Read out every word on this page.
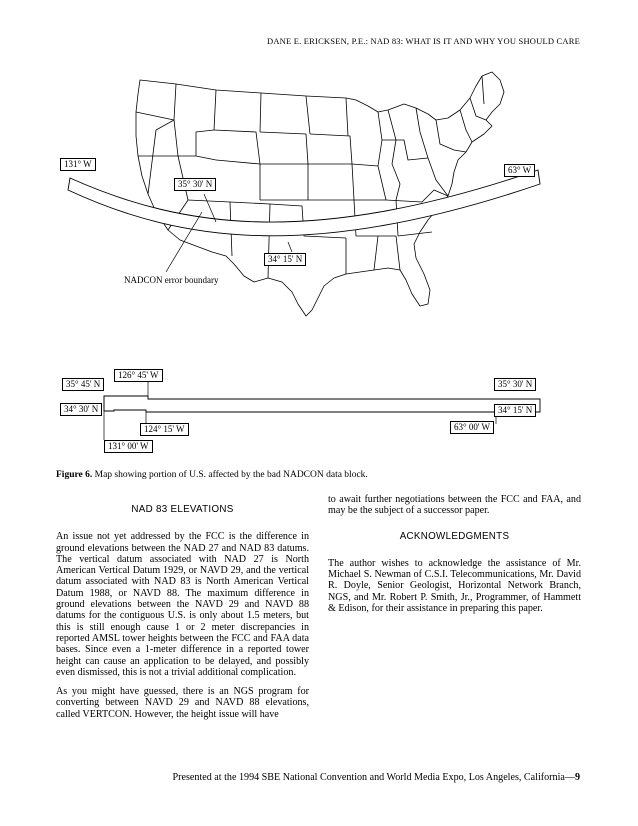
DANE E. ERICKSEN, P.E.: NAD 83: WHAT IS IT AND WHY YOU SHOULD CARE
131° W
63° W
35° 30' N
34° 15' N
NADCON error boundary
126° 45' W
35° 45' N	35° 30' N
34° 30' N	34° 15' N
124° 15' W	63° 00' W
131° 00' W
Figure 6. Map showing portion of U.S. affected by the bad NADCON data block.
NAD 83 ELEVATIONS

An issue not yet addressed by the FCC is the difference in ground elevations between the NAD 27 and NAD 83 datums. The vertical datum associated with NAD 27 is North American Vertical Datum 1929, or NAVD 29, and the vertical datum associated with NAD 83 is North American Vertical Datum 1988, or NAVD 88. The maximum difference in ground elevations between the NAVD 29 and NAVD 88 datums for the contiguous U.S. is only about 1.5 meters, but this is still enough cause 1 or 2 meter discrepancies in reported AMSL tower heights between the FCC and FAA data bases. Since even a 1-meter difference in a reported tower height can cause an application to be delayed, and possibly even dismissed, this is not a trivial additional complication.

As you might have guessed, there is an NGS program for converting between NAVD 29 and NAVD 88 elevations, called VERTCON. However, the height issue will have

to await further negotiations between the FCC and FAA, and may be the subject of a successor paper.

ACKNOWLEDGMENTS

The author wishes to acknowledge the assistance of Mr. Michael S. Newman of C.S.I. Telecommunications, Mr. David R. Doyle, Senior Geologist, Horizontal Network Branch, NGS, and Mr. Robert P. Smith, Jr., Programmer, of Hammett & Edison, for their assistance in preparing this paper.

Presented at the 1994 SBE National Convention and World Media Expo, Los Angeles, California—9
